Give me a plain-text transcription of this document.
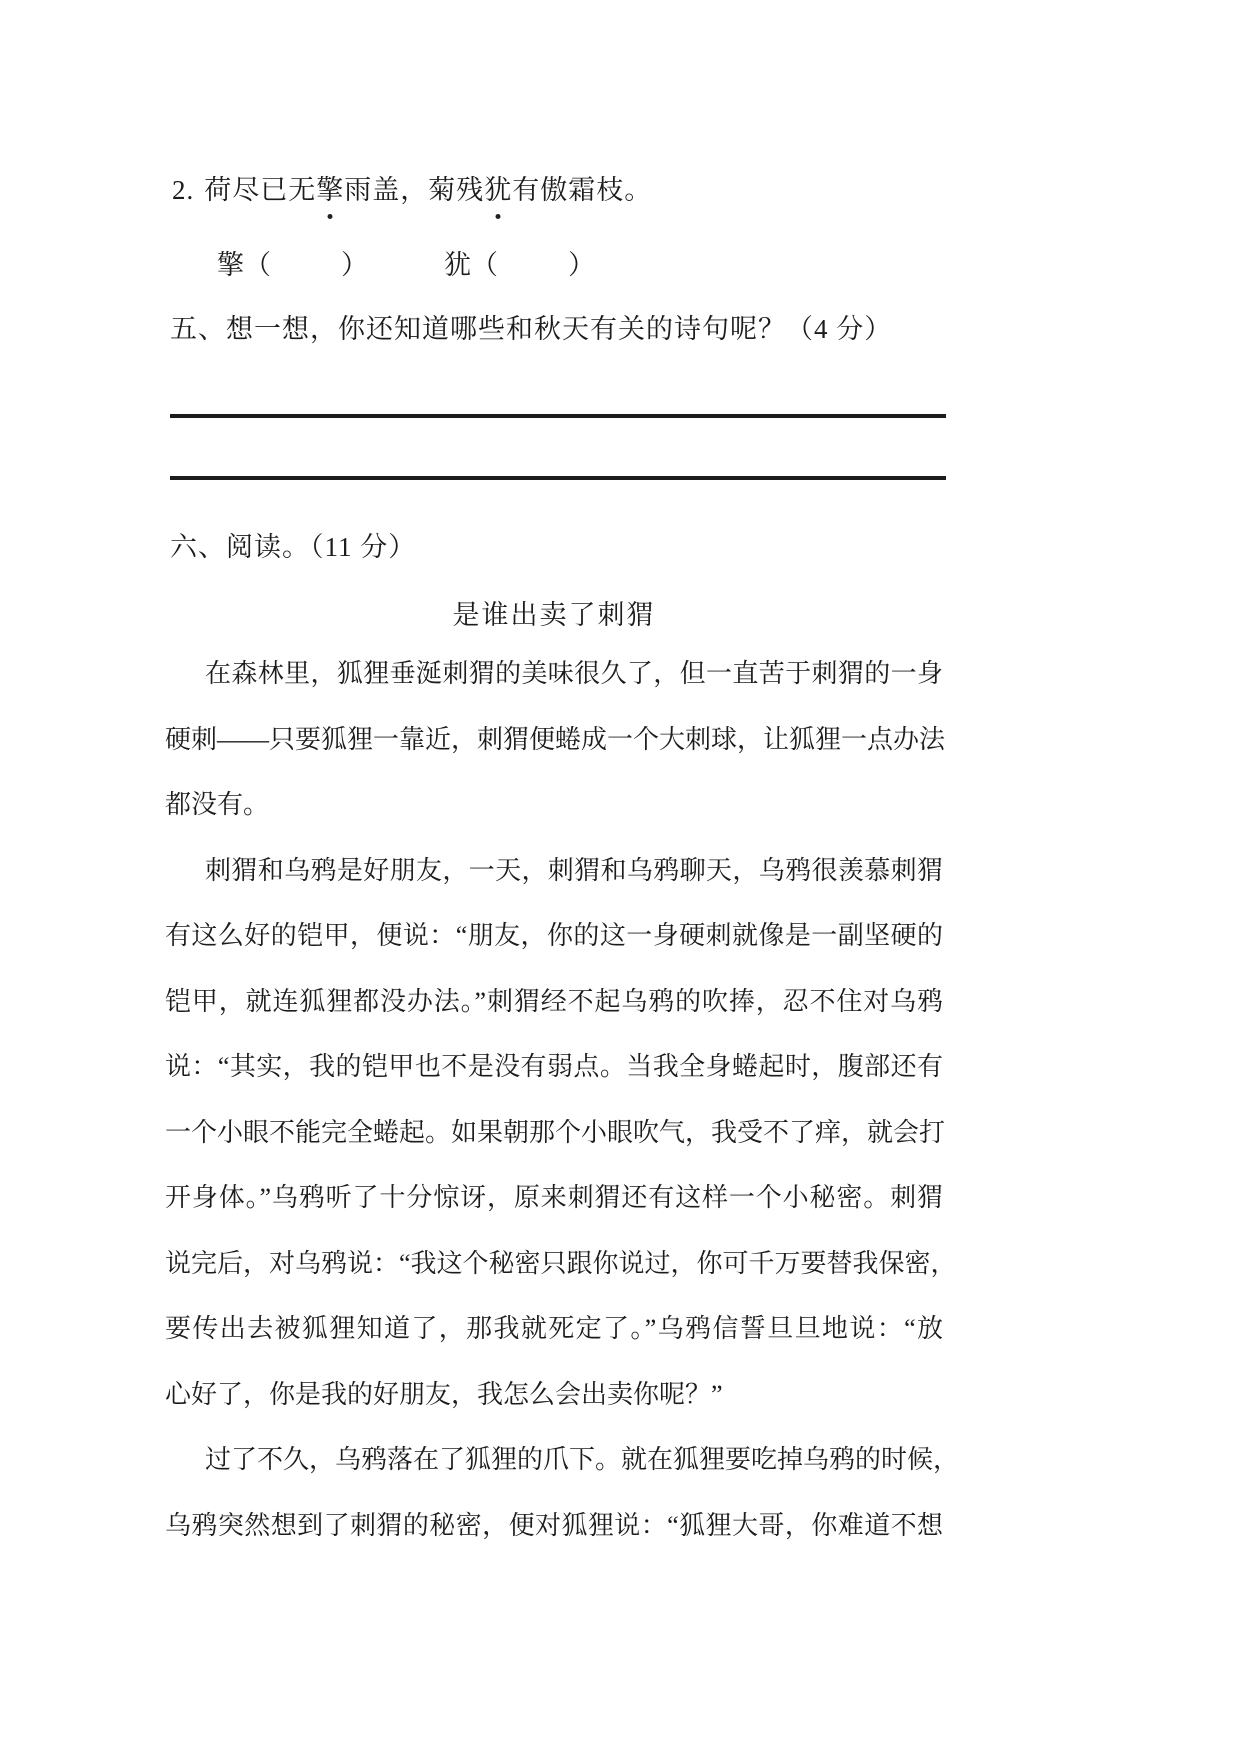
2. 荷尽已无擎雨盖，菊残犹有傲霜枝。
擎 （	）	犹 （	）
五、想一想，你还知道哪些和秋天有关的诗句呢？（4 分）
六、阅读。（11 分）
是谁出卖了刺猬
在森林里，狐狸垂涎刺猬的美味很久了，但一直苦于刺猬的一身
硬刺——只要狐狸一靠近，刺猬便蜷成一个大刺球，让狐狸一点办法
都没有。
刺猬和乌鸦是好朋友，一天，刺猬和乌鸦聊天，乌鸦很羡慕刺猬
有这么好的铠甲，便说：“朋友，你的这一身硬刺就像是一副坚硬的
铠甲，就连狐狸都没办法。”刺猬经不起乌鸦的吹捧，忍不住对乌鸦
说：“其实，我的铠甲也不是没有弱点。当我全身蜷起时，腹部还有
一个小眼不能完全蜷起。如果朝那个小眼吹气，我受不了痒，就会打
开身体。”乌鸦听了十分惊讶，原来刺猬还有这样一个小秘密。刺猬
说完后，对乌鸦说：“我这个秘密只跟你说过，你可千万要替我保密，
要传出去被狐狸知道了，那我就死定了。”乌鸦信誓旦旦地说：“放
心好了，你是我的好朋友，我怎么会出卖你呢？”
过了不久，乌鸦落在了狐狸的爪下。就在狐狸要吃掉乌鸦的时候，
乌鸦突然想到了刺猬的秘密，便对狐狸说：“狐狸大哥，你难道不想
